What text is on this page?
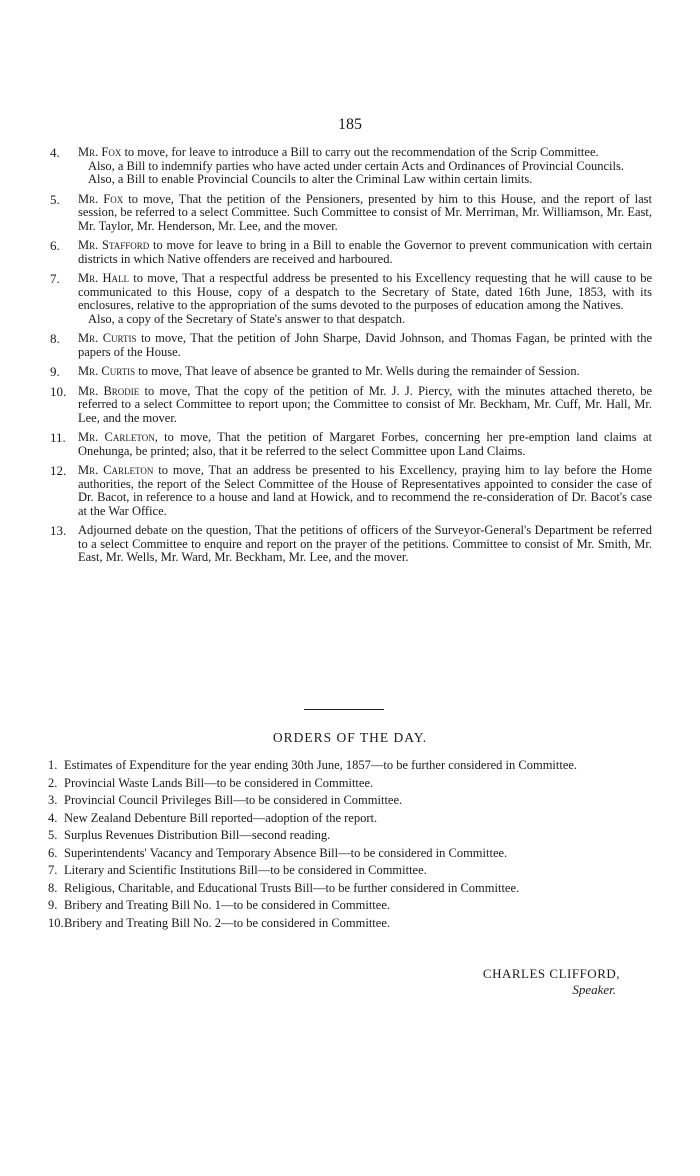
185
4. Mr. Fox to move, for leave to introduce a Bill to carry out the recommendation of the Scrip Committee.
Also, a Bill to indemnify parties who have acted under certain Acts and Ordinances of Provincial Councils.
Also, a Bill to enable Provincial Councils to alter the Criminal Law within certain limits.
5. Mr. Fox to move, That the petition of the Pensioners, presented by him to this House, and the report of last session, be referred to a select Committee. Such Committee to consist of Mr. Merriman, Mr. Williamson, Mr. East, Mr. Taylor, Mr. Henderson, Mr. Lee, and the mover.
6. Mr. Stafford to move for leave to bring in a Bill to enable the Governor to prevent communication with certain districts in which Native offenders are received and harboured.
7. Mr. Hall to move, That a respectful address be presented to his Excellency requesting that he will cause to be communicated to this House, copy of a despatch to the Secretary of State, dated 16th June, 1853, with its enclosures, relative to the appropriation of the sums devoted to the purposes of education among the Natives.
Also, a copy of the Secretary of State's answer to that despatch.
8. Mr. Curtis to move, That the petition of John Sharpe, David Johnson, and Thomas Fagan, be printed with the papers of the House.
9. Mr. Curtis to move, That leave of absence be granted to Mr. Wells during the remainder of Session.
10. Mr. Brodie to move, That the copy of the petition of Mr. J. J. Piercy, with the minutes attached thereto, be referred to a select Committee to report upon; the Committee to consist of Mr. Beckham, Mr. Cuff, Mr. Hall, Mr. Lee, and the mover.
11. Mr. Carleton, to move, That the petition of Margaret Forbes, concerning her pre-emption land claims at Onehunga, be printed; also, that it be referred to the select Committee upon Land Claims.
12. Mr. Carleton to move, That an address be presented to his Excellency, praying him to lay before the Home authorities, the report of the Select Committee of the House of Representatives appointed to consider the case of Dr. Bacot, in reference to a house and land at Howick, and to recommend the re-consideration of Dr. Bacot's case at the War Office.
13. Adjourned debate on the question, That the petitions of officers of the Surveyor-General's Department be referred to a select Committee to enquire and report on the prayer of the petitions. Committee to consist of Mr. Smith, Mr. East, Mr. Wells, Mr. Ward, Mr. Beckham, Mr. Lee, and the mover.
ORDERS OF THE DAY.
1. Estimates of Expenditure for the year ending 30th June, 1857—to be further considered in Committee.
2. Provincial Waste Lands Bill—to be considered in Committee.
3. Provincial Council Privileges Bill—to be considered in Committee.
4. New Zealand Debenture Bill reported—adoption of the report.
5. Surplus Revenues Distribution Bill—second reading.
6. Superintendents' Vacancy and Temporary Absence Bill—to be considered in Committee.
7. Literary and Scientific Institutions Bill—to be considered in Committee.
8. Religious, Charitable, and Educational Trusts Bill—to be further considered in Committee.
9. Bribery and Treating Bill No. 1—to be considered in Committee.
10. Bribery and Treating Bill No. 2—to be considered in Committee.
CHARLES CLIFFORD,
Speaker.
